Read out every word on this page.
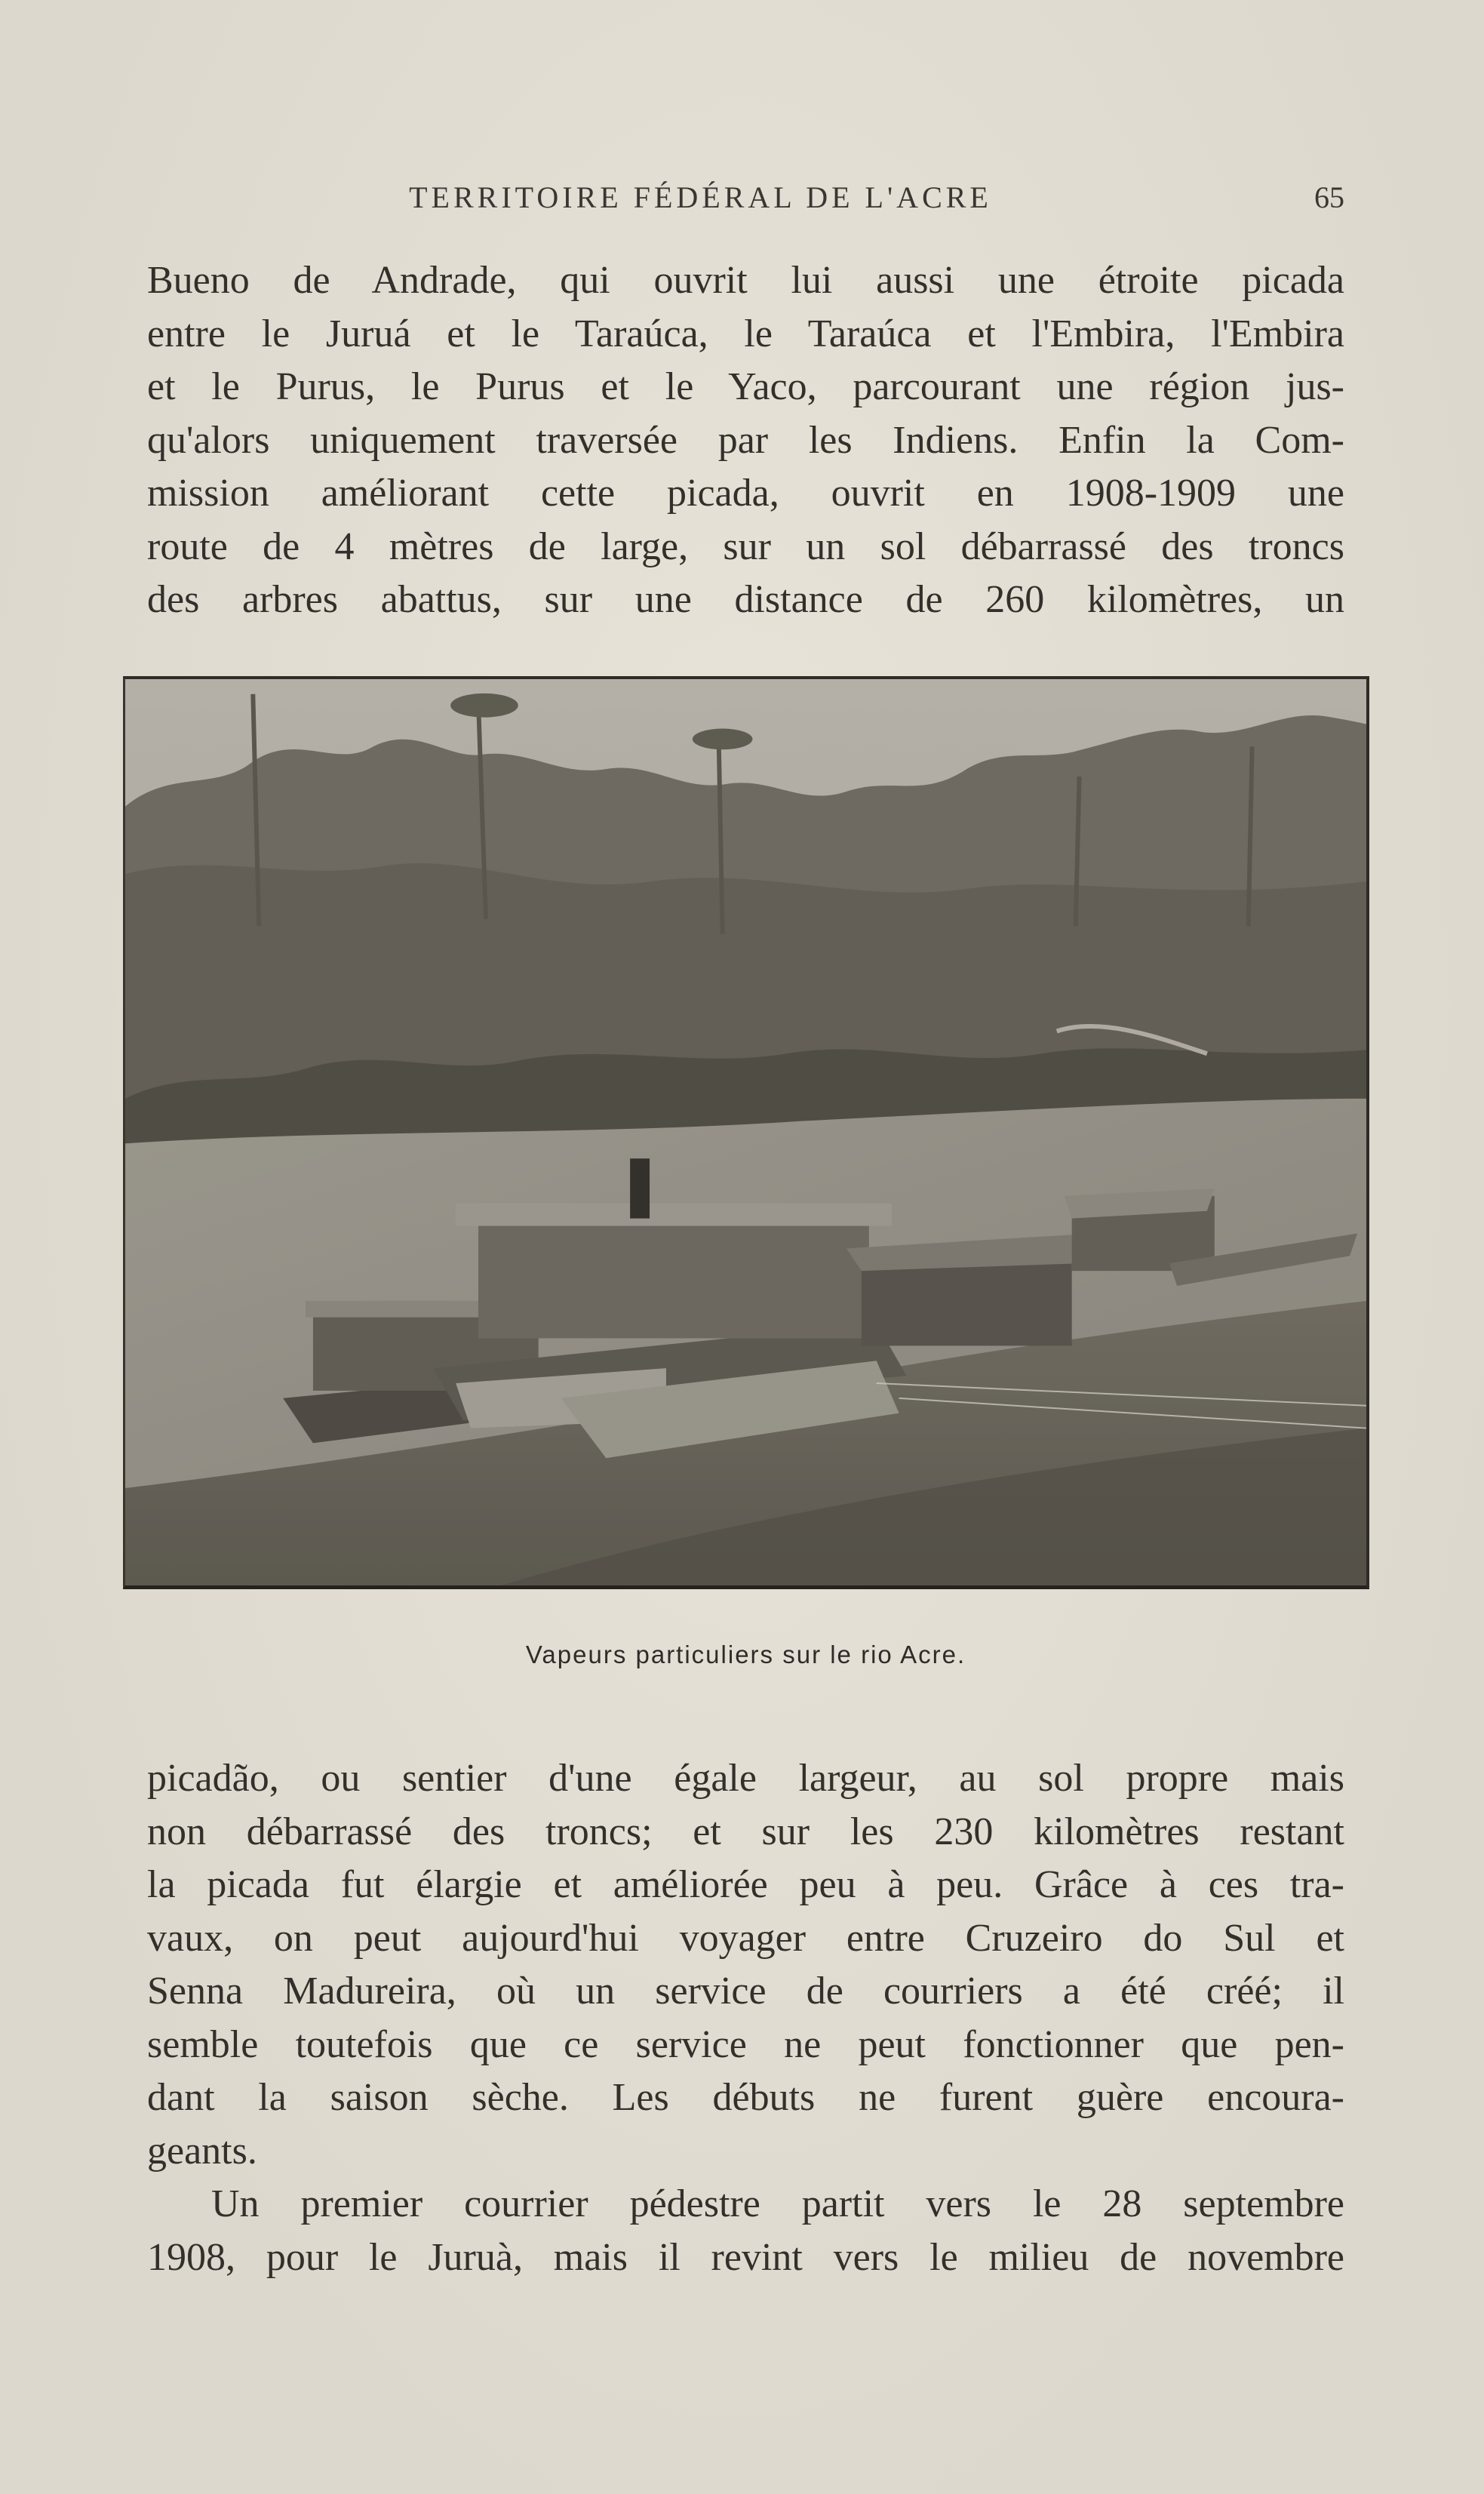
TERRITOIRE FÉDÉRAL DE L'ACRE	65
Bueno de Andrade, qui ouvrit lui aussi une étroite picada
entre le Juruá et le Taraúca, le Taraúca et l'Embira, l'Embira
et le Purus, le Purus et le Yaco, parcourant une région jus-
qu'alors uniquement traversée par les Indiens. Enfin la Com-
mission améliorant cette picada, ouvrit en 1908-1909 une
route de 4 mètres de large, sur un sol débarrassé des troncs
des arbres abattus, sur une distance de 260 kilomètres, un
Vapeurs particuliers sur le rio Acre.
picadão, ou sentier d'une égale largeur, au sol propre mais
non débarrassé des troncs; et sur les 230 kilomètres restant
la picada fut élargie et améliorée peu à peu. Grâce à ces tra-
vaux, on peut aujourd'hui voyager entre Cruzeiro do Sul et
Senna Madureira, où un service de courriers a été créé; il
semble toutefois que ce service ne peut fonctionner que pen-
dant la saison sèche. Les débuts ne furent guère encoura-
geants.
Un premier courrier pédestre partit vers le 28 septembre
1908, pour le Juruà, mais il revint vers le milieu de novembre
